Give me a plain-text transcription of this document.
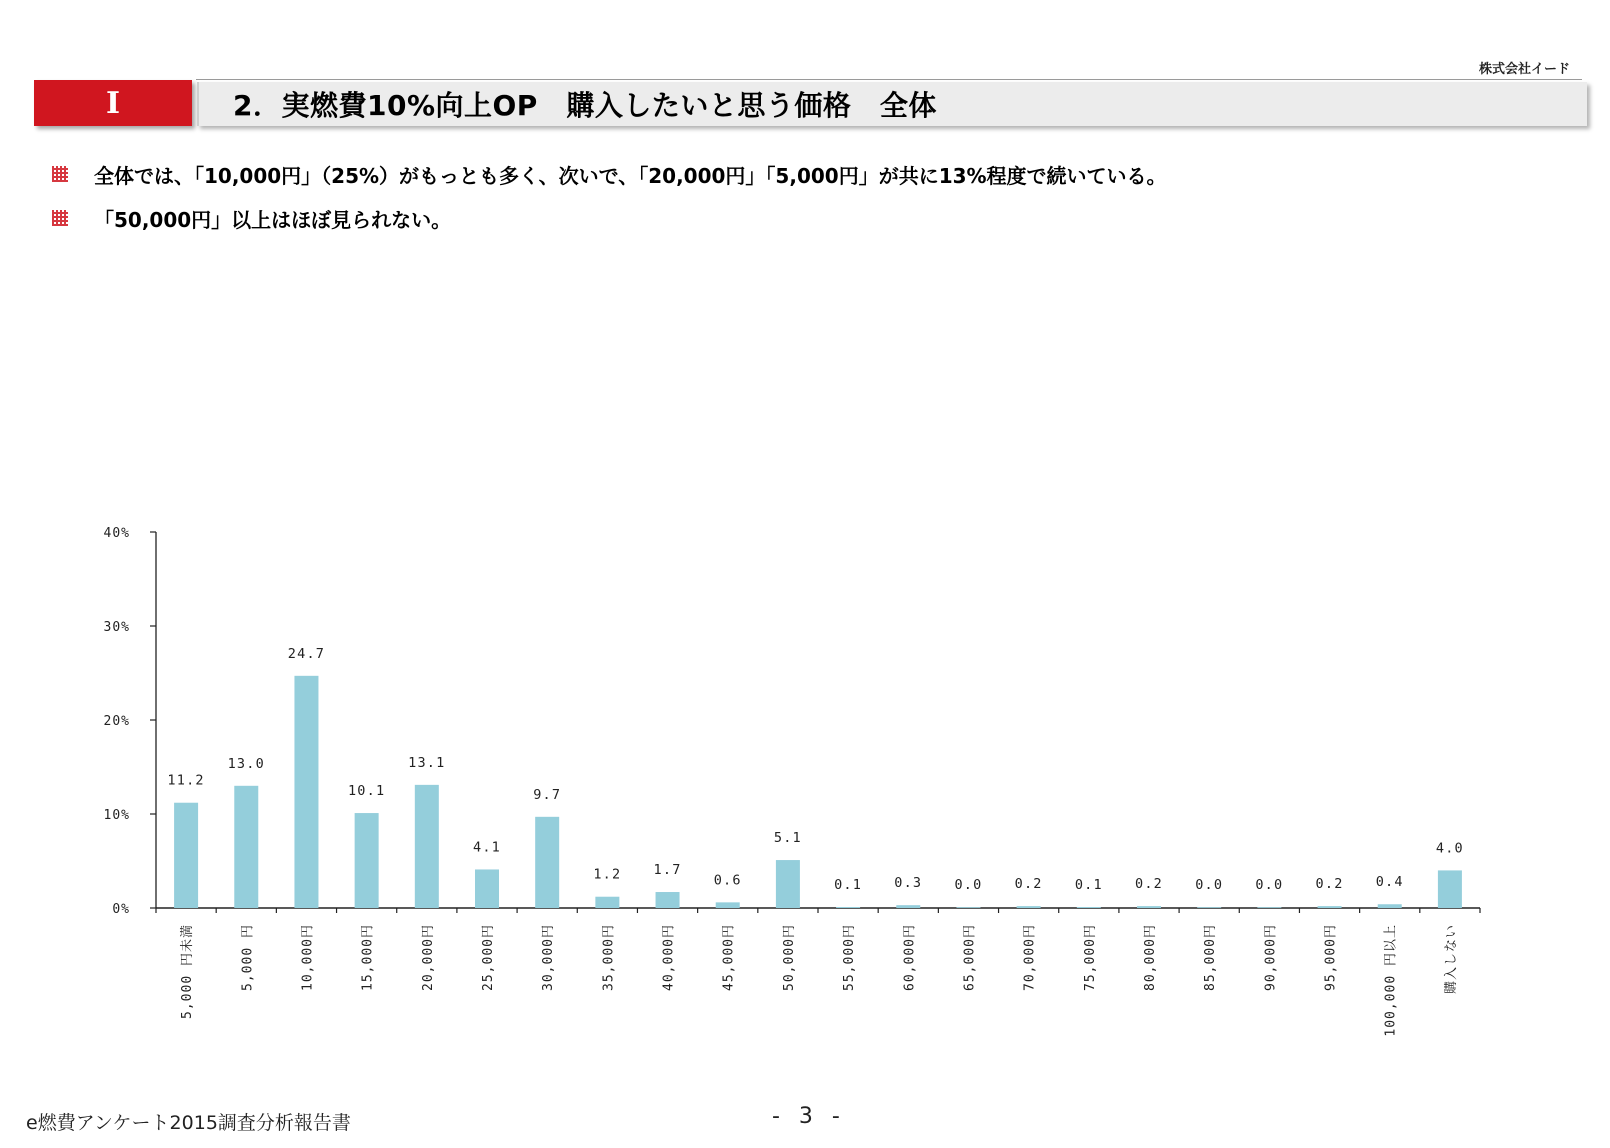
株式会社イード
I	2．実燃費10%向上OP　購入したいと思う価格　全体
全体では、「10,000円」（25%）がもっとも多く、次いで、「20,000円」「5,000円」が共に13%程度で続いている。
「50,000円」以上はほぼ見られない。
0%
10%
20%
30%
40%
11.2
5,000 円未満
13.0
5,000 円
24.7
10,000円
10.1
15,000円
13.1
20,000円
4.1
25,000円
9.7
30,000円
1.2
35,000円
1.7
40,000円
0.6
45,000円
5.1
50,000円
0.1
55,000円
0.3
60,000円
0.0
65,000円
0.2
70,000円
0.1
75,000円
0.2
80,000円
0.0
85,000円
0.0
90,000円
0.2
95,000円
0.4
100,000 円以上
4.0
購入しない
e燃費アンケート2015調査分析報告書	- 3 -
